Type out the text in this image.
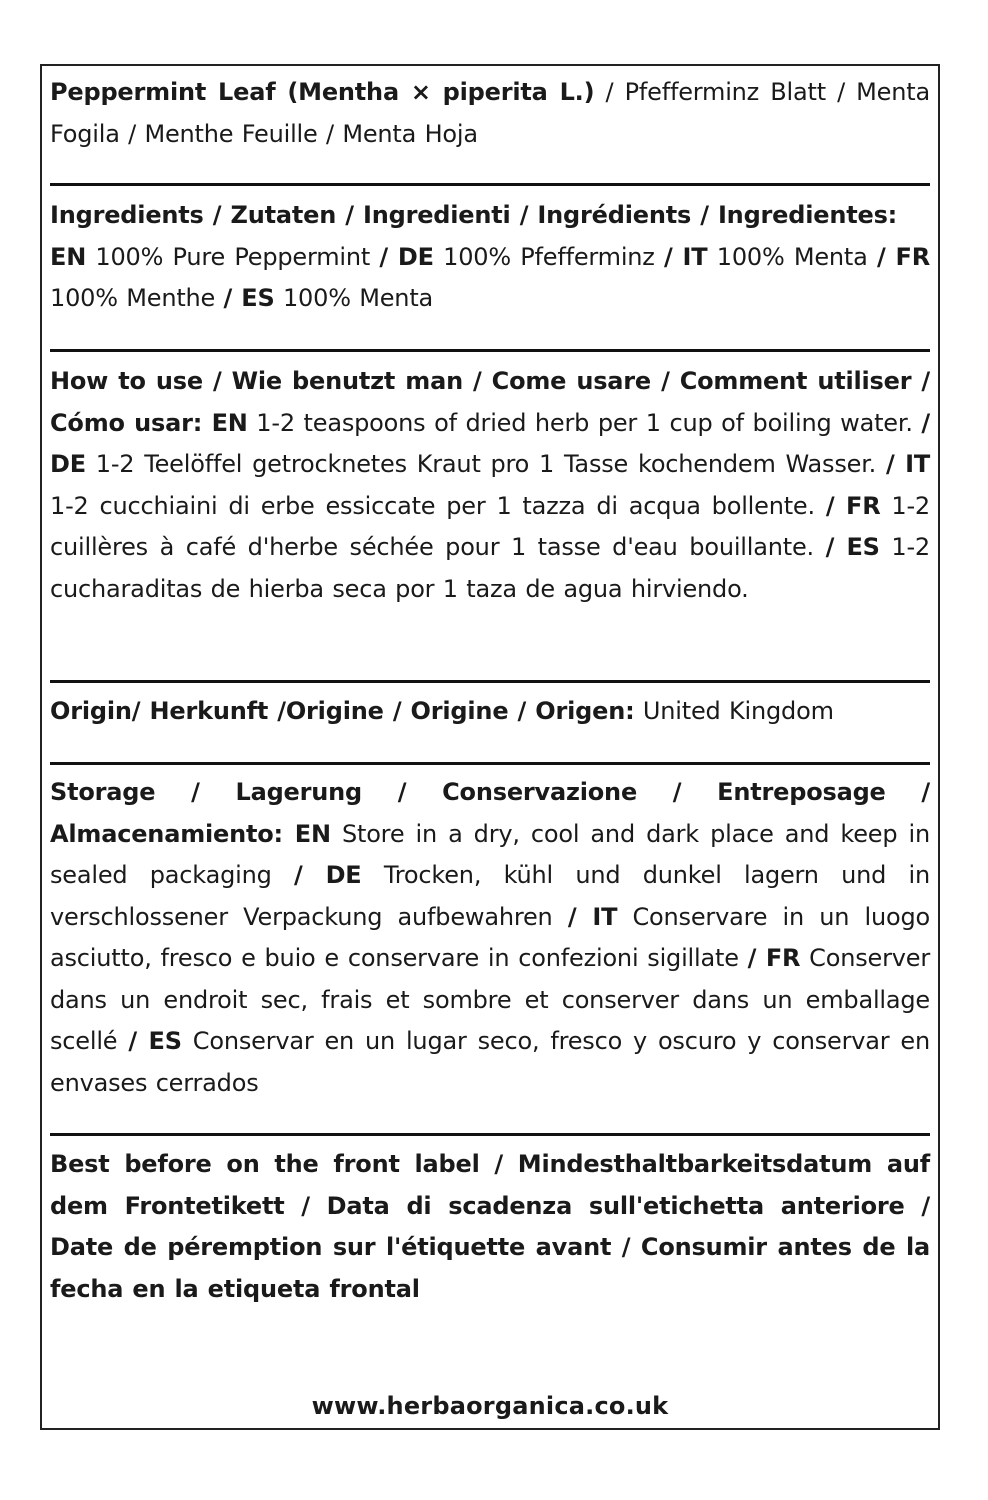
Peppermint Leaf (Mentha × piperita L.) / Pfefferminz Blatt / Menta Fogila / Menthe Feuille / Menta Hoja
Ingredients / Zutaten / Ingredienti / Ingrédients / Ingredientes:
EN 100% Pure Peppermint / DE 100% Pfefferminz / IT 100% Menta / FR 100% Menthe / ES 100% Menta
How to use / Wie benutzt man / Come usare / Comment utiliser / Cómo usar: EN 1-2 teaspoons of dried herb per 1 cup of boiling water. / DE 1-2 Teelöffel getrocknetes Kraut pro 1 Tasse kochendem Wasser. / IT 1-2 cucchiaini di erbe essiccate per 1 tazza di acqua bollente. / FR 1-2 cuillères à café d'herbe séchée pour 1 tasse d'eau bouillante. / ES 1-2 cucharaditas de hierba seca por 1 taza de agua hirviendo.
Origin/ Herkunft /Origine / Origine / Origen: United Kingdom
Storage / Lagerung / Conservazione / Entreposage / Almacenamiento: EN Store in a dry, cool and dark place and keep in sealed packaging / DE Trocken, kühl und dunkel lagern und in verschlossener Verpackung aufbewahren / IT Conservare in un luogo asciutto, fresco e buio e conservare in confezioni sigillate / FR Conserver dans un endroit sec, frais et sombre et conserver dans un emballage scellé / ES Conservar en un lugar seco, fresco y oscuro y conservar en envases cerrados
Best before on the front label / Mindesthaltbarkeitsdatum auf dem Frontetikett / Data di scadenza sull'etichetta anteriore / Date de péremption sur l'étiquette avant / Consumir antes de la fecha en la etiqueta frontal
www.herbaorganica.co.uk
